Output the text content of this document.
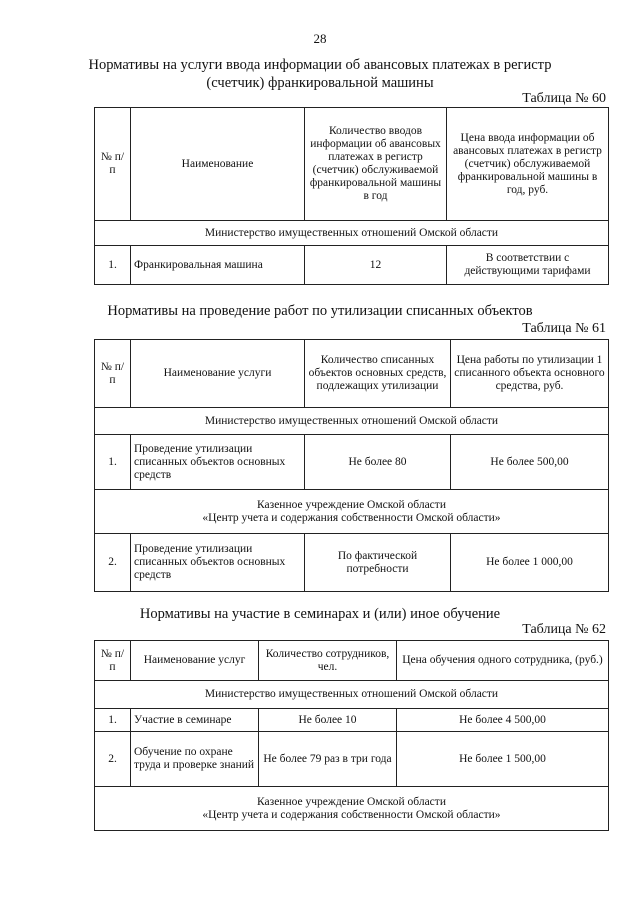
28
Нормативы на услуги ввода информации об авансовых платежах в регистр
(счетчик) франкировальной машины
Таблица № 60
№ п/п	Наименование	Количество вводов информации об авансовых платежах в регистр (счетчик) обслуживаемой франкировальной машины в год	Цена ввода информации об авансовых платежах в регистр (счетчик) обслуживаемой франкировальной машины в год, руб.
Министерство имущественных отношений Омской области			
1.	Франкировальная машина	12	В соответствии с действующими тарифами
Нормативы на проведение работ по утилизации списанных объектов
Таблица № 61
№ п/п	Наименование услуги	Количество списанных объектов основных средств, подлежащих утилизации	Цена работы по утилизации 1 списанного объекта основного средства, руб.
Министерство имущественных отношений Омской области			
1.	Проведение утилизации списанных объектов основных средств	Не более 80	Не более 500,00

Казенное учреждение Омской области
«Центр учета и содержания собственности Омской области»			

2.	Проведение утилизации списанных объектов основных средств	По фактической потребности	Не более 1 000,00
Нормативы на участие в семинарах и (или) иное обучение
Таблица № 62
№ п/п	Наименование услуг	Количество сотрудников, чел.	Цена обучения одного сотрудника, (руб.)
Министерство имущественных отношений Омской области			
1.	Участие в семинаре	Не более 10	Не более 4 500,00
2.	Обучение по охране труда и проверке знаний	Не более 79 раз в три года	Не более 1 500,00

Казенное учреждение Омской области
«Центр учета и содержания собственности Омской области»			
